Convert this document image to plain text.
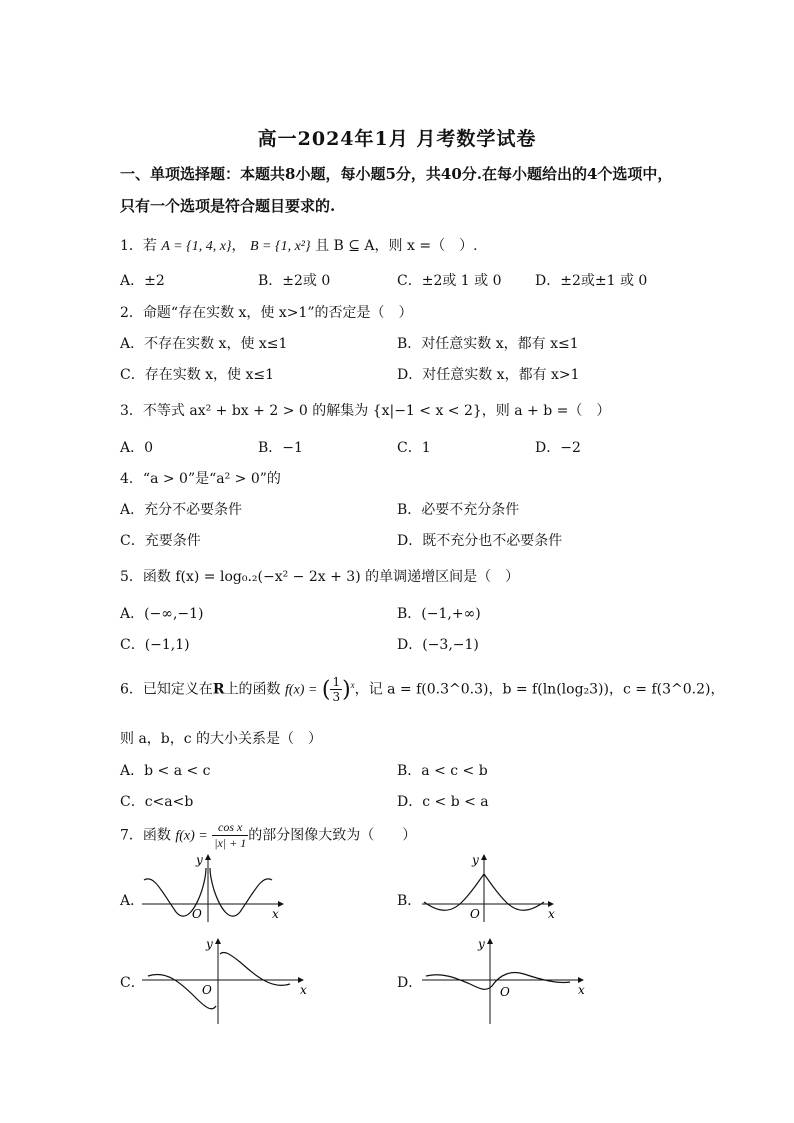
高一2024年1月 月考数学试卷
一、单项选择题：本题共8小题，每小题5分，共40分.在每小题给出的4个选项中，只有一个选项是符合题目要求的.
1．若 A = {1, 4, x}， B = {1, x²} 且 B ⊆ A，则 x =（　）.
A．±2	B．±2或 0	C．±2或 1 或 0 D．±2或±1 或 0
2．命题“存在实数 x，使 x>1”的否定是（　）
A．不存在实数 x，使 x≤1	B．对任意实数 x，都有 x≤1
C．存在实数 x，使 x≤1	D．对任意实数 x，都有 x>1
3．不等式 ax² + bx + 2 > 0 的解集为 {x|−1 < x < 2}，则 a + b =（　）
A．0	B．−1	C．1	D．−2
4．“a > 0”是“a² > 0”的
A．充分不必要条件	B．必要不充分条件
C．充要条件	D．既不充分也不必要条件
5．函数 f(x) = log₀.₂(−x² − 2x + 3) 的单调递增区间是（　）
A．(−∞,−1)	B．(−1,+∞)
C．(−1,1)	D．(−3,−1)
6．已知定义在R上的函数 f(x) = ( $\frac{1}{3} )^x$，记 a = f(0.3^0.3)，b = f(ln(log₂3))，c = f(3^0.2)，
则 a，b，c 的大小关系是（　）
A．b < a < c	B．a < c < b
C．c<a<b	D．c < b < a
7．函数 $f(x) = \frac{\text{cos x}}{|x| + 1}$ 的部分图像大致为（　　）
A．
O	x
y
B．
O	x
y
C．	O	x
y
D．
O	x
y
